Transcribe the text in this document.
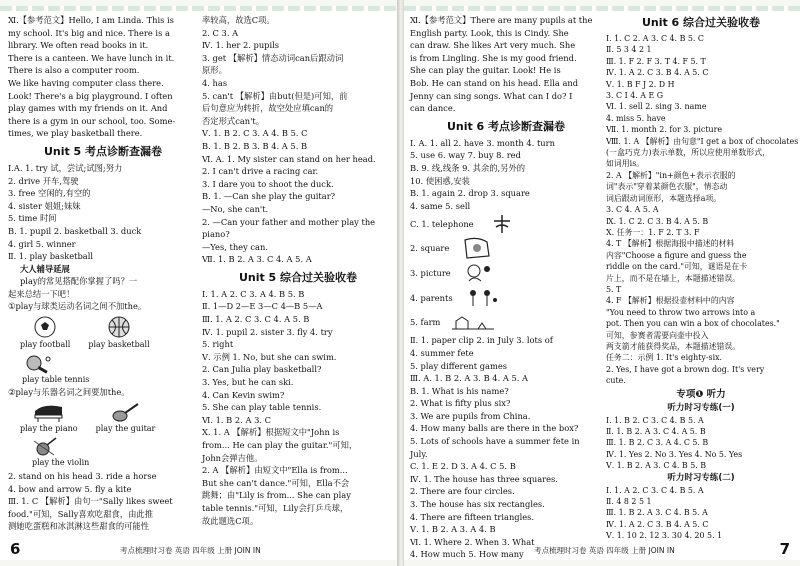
Ⅺ.【参考范文】Hello, I am Linda. This is

my school. It's big and nice. There is a

library. We often read books in it.

There is a canteen. We have lunch in it.

There is also a computer room.

We like having computer class there.

Look! There's a big playground. I often

play games with my friends on it. And

there is a gym in our school, too. Some-

times, we play basketball there.

Unit 5 考点诊断查漏卷

Ⅰ.A. 1. try 试，尝试;试图;努力

2. drive 开车,驾驶

3. free 空闲的,有空的

4. sister 姐姐;妹妹

5. time 时间

B. 1. pupil 2. basketball 3. duck

4. girl 5. winner

Ⅱ. 1. play basketball

大人辅导延展

play的常见搭配你掌握了吗？一

起来总结一下吧！

①play与球类运动名词之间不加the。

play football play basketball
play table tennis

②play与乐器名词之间要加the。

play the piano play the guitar
play the violin

2. stand on his head 3. ride a horse

4. bow and arrow 5. fly a kite

Ⅲ. 1. C 【解析】由句一"Sally likes sweet

food."可知，Sally喜欢吃甜食，由此推

测她吃蛋糕和冰淇淋这些甜食的可能性

率较高，故选C项。

2. C 3. A

Ⅳ. 1. her 2. pupils

3. get 【解析】情态动词can后跟动词

原形。

4. has

5. can't 【解析】由but(但是)可知，前

后句意应为转折，故空处应填can的

否定形式can't。

Ⅴ. 1. B 2. C 3. A 4. B 5. C

B. 1. B 2. B 3. B 4. A 5. B

Ⅵ. A. 1. My sister can stand on her head.

2. I can't drive a racing car.

3. I dare you to shoot the duck.

B. 1. —Can she play the guitar?

—No, she can't.

2. —Can your father and mother play the

piano?

—Yes, they can.

Ⅶ. 1. B 2. A 3. C 4. A 5. A

Unit 5 综合过关验收卷

Ⅰ. 1. A 2. C 3. A 4. B 5. B

Ⅱ. 1—D 2—E 3—C 4—B 5—A

Ⅲ. 1. A 2. C 3. C 4. A 5. B

Ⅳ. 1. pupil 2. sister 3. fly 4. try

5. right

Ⅴ. 示例 1. No, but she can swim.

2. Can Julia play basketball?

3. Yes, but he can ski.

4. Can Kevin swim?

5. She can play table tennis.

Ⅵ. 1. B 2. A 3. C

Ⅹ. 1. A 【解析】根据短文中"John is

from... He can play the guitar."可知，

John会弹吉他。

2. A 【解析】由短文中"Ella is from...

But she can't dance."可知，Ella不会

跳舞；由"Lily is from... She can play

table tennis."可知，Lily会打乒乓球，

故此题选C项。

6	考点梳理时习卷 英语 四年级 上册 JOIN IN

Ⅺ.【参考范文】There are many pupils at the

English party. Look, this is Cindy. She

can draw. She likes Art very much. She

is from Lingling. She is my good friend.

She can play the guitar. Look! He is

Bob. He can stand on his head. Ella and

Jenny can sing songs. What can I do? I

can dance.

Unit 6 考点诊断查漏卷

Ⅰ. A. 1. all 2. have 3. month 4. turn

5. use 6. way 7. buy 8. red

B. 9. 线,线条 9. 其余的,另外的

10. 使困惑,安装

B. 1. again 2. drop 3. square

4. same 5. sell

C. 1. telephone
2. square
3. picture
4. parents
5. farm

Ⅱ. 1. paper clip 2. in July 3. lots of

4. summer fete

5. play different games

Ⅲ. A. 1. B 2. A 3. B 4. A 5. A

B. 1. What is his name?

2. What is fifty plus six?

3. We are pupils from China.

4. How many balls are there in the box?

5. Lots of schools have a summer fete in

July.

C. 1. E 2. D 3. A 4. C 5. B

Ⅳ. 1. The house has three squares.

2. There are four circles.

3. The house has six rectangles.

4. There are fifteen triangles.

Ⅴ. 1. B 2. A 3. A 4. B

Ⅵ. 1. Where 2. When 3. What

4. How much 5. How many

Unit 6 综合过关验收卷

Ⅰ. 1. C 2. A 3. C 4. B 5. C

Ⅱ. 5 3 4 2 1

Ⅲ. 1. F 2. F 3. T 4. F 5. T

Ⅳ. 1. A 2. C 3. B 4. A 5. C

Ⅴ. 1. B F J 2. D H

3. C I 4. A E G

Ⅵ. 1. sell 2. sing 3. name

4. miss 5. have

Ⅶ. 1. month 2. for 3. picture

Ⅷ. 1. A 【解析】由句意"I get a box of chocolates

(一盒巧克力)表示单数，所以应使用单数形式，

如词用is。

2. A 【解析】"in+颜色+表示衣服的

词"表示"穿着某颜色衣服"，情态动

词后跟动词原形，本题选择a项。

3. C 4. A 5. A

Ⅸ. 1. C 2. C 3. B 4. A 5. B

Ⅹ. 任务一：1. F 2. T 3. F

4. T 【解析】根据海报中描述的材料

内容"Choose a figure and guess the

riddle on the card."可知，谜语是在卡

片上，而不是在墙上，本题描述错误。

5. T

4. F 【解析】根据投壶材料中的内容

"You need to throw two arrows into a

pot. Then you can win a box of chocolates."

可知，参赛者需要向壶中投入

两支箭才能获得奖品，本题描述错误。

任务二：示例 1. It's eighty-six.

2. Yes, I have got a brown dog. It's very

cute.

专项❶ 听力
听力时习专练(一)

Ⅰ. 1. B 2. C 3. C 4. B 5. A

Ⅱ. 1. B 2. A 3. C 4. A 5. B

Ⅲ. 1. B 2. C 3. A 4. C 5. B

Ⅳ. 1. Yes 2. No 3. Yes 4. No 5. Yes

Ⅴ. 1. B 2. A 3. C 4. B 5. B

听力时习专练(二)

Ⅰ. 1. A 2. C 3. C 4. B 5. A

Ⅱ. 4 8 2 5 1

Ⅲ. 1. B 2. A 3. C 4. B 5. A

Ⅳ. 1. A 2. C 3. B 4. A 5. C

Ⅴ. 1. 10 2. 12 3. 30 4. 20 5. 1

考点梳理时习卷 英语 四年级 上册 JOIN IN	7
